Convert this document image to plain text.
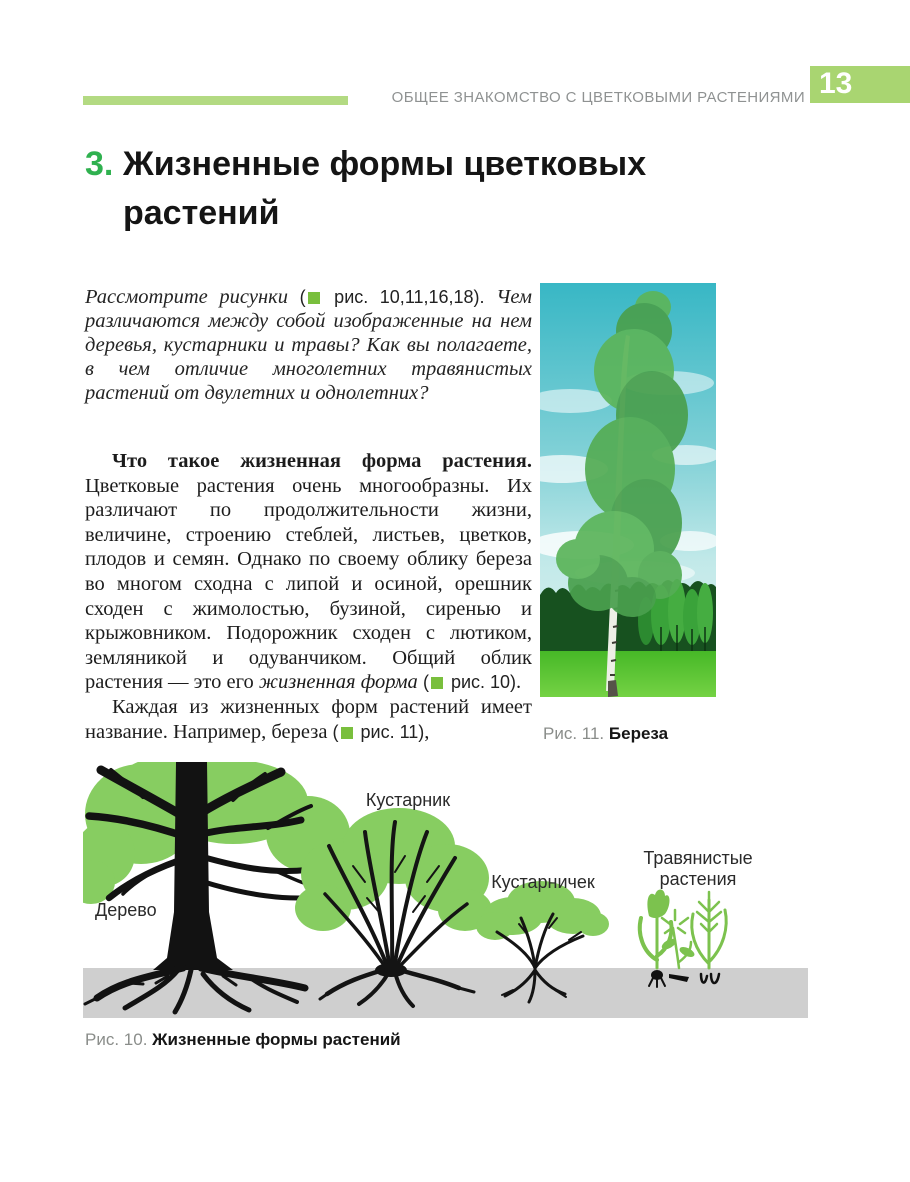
ОБЩЕЕ ЗНАКОМСТВО С ЦВЕТКОВЫМИ РАСТЕНИЯМИ 13
3. Жизненные формы цветковых растений
Рассмотрите рисунки ( рис. 10,11,16,18). Чем различаются между собой изображенные на нем деревья, кустарники и травы? Как вы полагаете, в чем отличие многолетних травянистых растений от двулетних и однолетних?

Что такое жизненная форма растения. Цветковые растения очень многообразны. Их различают по продолжительности жизни, величине, строению стеблей, листьев, цветков, плодов и семян. Однако по своему облику береза во многом сходна с липой и осиной, орешник сходен с жимолостью, бузиной, сиренью и крыжовником. Подорожник сходен с лютиком, земляникой и одуванчиком. Общий облик растения — это его жизненная форма ( рис. 10).

Каждая из жизненных форм растений имеет название. Например, береза ( рис. 11),	Рис. 11. Береза
Дерево
Кустарник
Кустарничек
Травянистые растения
Рис. 10. Жизненные формы растений
